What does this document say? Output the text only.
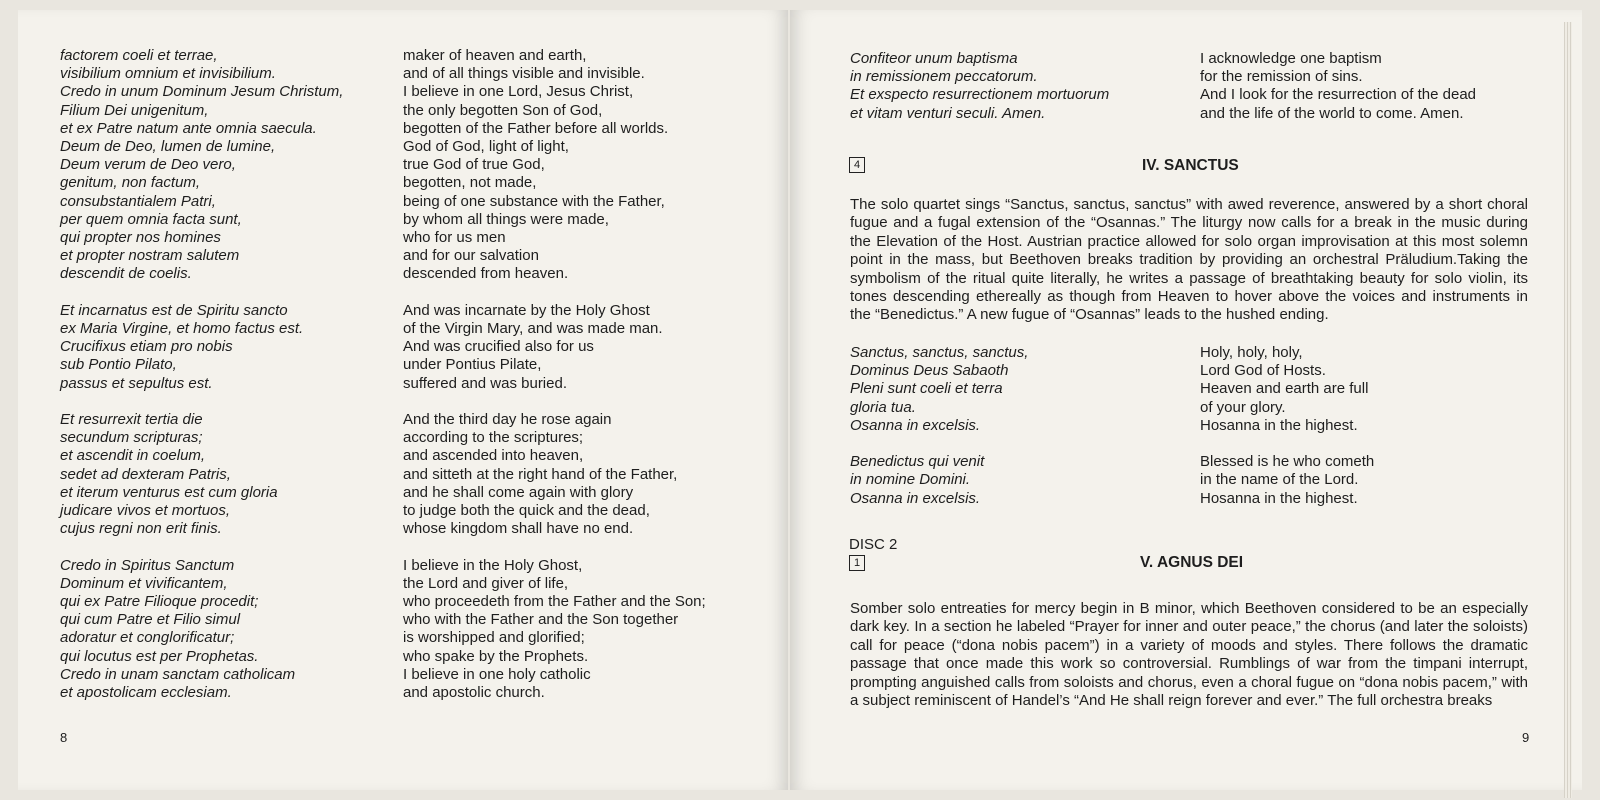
factorem coeli et terrae,
visibilium omnium et invisibilium.
Credo in unum Dominum Jesum Christum,
Filium Dei unigenitum,
et ex Patre natum ante omnia saecula.
Deum de Deo, lumen de lumine,
Deum verum de Deo vero,
genitum, non factum,
consubstantialem Patri,
per quem omnia facta sunt,
qui propter nos homines
et propter nostram salutem
descendit de coelis.
Et incarnatus est de Spiritu sancto
ex Maria Virgine, et homo factus est.
Crucifixus etiam pro nobis
sub Pontio Pilato,
passus et sepultus est.
Et resurrexit tertia die
secundum scripturas;
et ascendit in coelum,
sedet ad dexteram Patris,
et iterum venturus est cum gloria
judicare vivos et mortuos,
cujus regni non erit finis.
Credo in Spiritus Sanctum
Dominum et vivificantem,
qui ex Patre Filioque procedit;
qui cum Patre et Filio simul
adoratur et conglorificatur;
qui locutus est per Prophetas.
Credo in unam sanctam catholicam
et apostolicam ecclesiam.
maker of heaven and earth,
and of all things visible and invisible.
I believe in one Lord, Jesus Christ,
the only begotten Son of God,
begotten of the Father before all worlds.
God of God, light of light,
true God of true God,
begotten, not made,
being of one substance with the Father,
by whom all things were made,
who for us men
and for our salvation
descended from heaven.
And was incarnate by the Holy Ghost
of the Virgin Mary, and was made man.
And was crucified also for us
under Pontius Pilate,
suffered and was buried.
And the third day he rose again
according to the scriptures;
and ascended into heaven,
and sitteth at the right hand of the Father,
and he shall come again with glory
to judge both the quick and the dead,
whose kingdom shall have no end.
I believe in the Holy Ghost,
the Lord and giver of life,
who proceedeth from the Father and the Son;
who with the Father and the Son together
is worshipped and glorified;
who spake by the Prophets.
I believe in one holy catholic
and apostolic church.
8
Confiteor unum baptisma
in remissionem peccatorum.
Et exspecto resurrectionem mortuorum
et vitam venturi seculi. Amen.
I acknowledge one baptism
for the remission of sins.
And I look for the resurrection of the dead
and the life of the world to come. Amen.
4	IV. SANCTUS
The solo quartet sings “Sanctus, sanctus, sanctus” with awed reverence, answered by a short choral
fugue and a fugal extension of the “Osannas.” The liturgy now calls for a break in the music during
the Elevation of the Host. Austrian practice allowed for solo organ improvisation at this most solemn
point in the mass, but Beethoven breaks tradition by providing an orchestral Präludium.Taking the
symbolism of the ritual quite literally, he writes a passage of breathtaking beauty for solo violin, its
tones descending ethereally as though from Heaven to hover above the voices and instruments in
the “Benedictus.” A new fugue of “Osannas” leads to the hushed ending.
Sanctus, sanctus, sanctus,
Dominus Deus Sabaoth
Pleni sunt coeli et terra
gloria tua.
Osanna in excelsis.
Benedictus qui venit
in nomine Domini.
Osanna in excelsis.
Holy, holy, holy,
Lord God of Hosts.
Heaven and earth are full
of your glory.
Hosanna in the highest.
Blessed is he who cometh
in the name of the Lord.
Hosanna in the highest.
DISC 2
1	V. AGNUS DEI
Somber solo entreaties for mercy begin in B minor, which Beethoven considered to be an especially
dark key. In a section he labeled “Prayer for inner and outer peace,” the chorus (and later the soloists)
call for peace (“dona nobis pacem”) in a variety of moods and styles. There follows the dramatic
passage that once made this work so controversial. Rumblings of war from the timpani interrupt,
prompting anguished calls from soloists and chorus, even a choral fugue on “dona nobis pacem,” with
a subject reminiscent of Handel’s “And He shall reign forever and ever.” The full orchestra breaks
9
